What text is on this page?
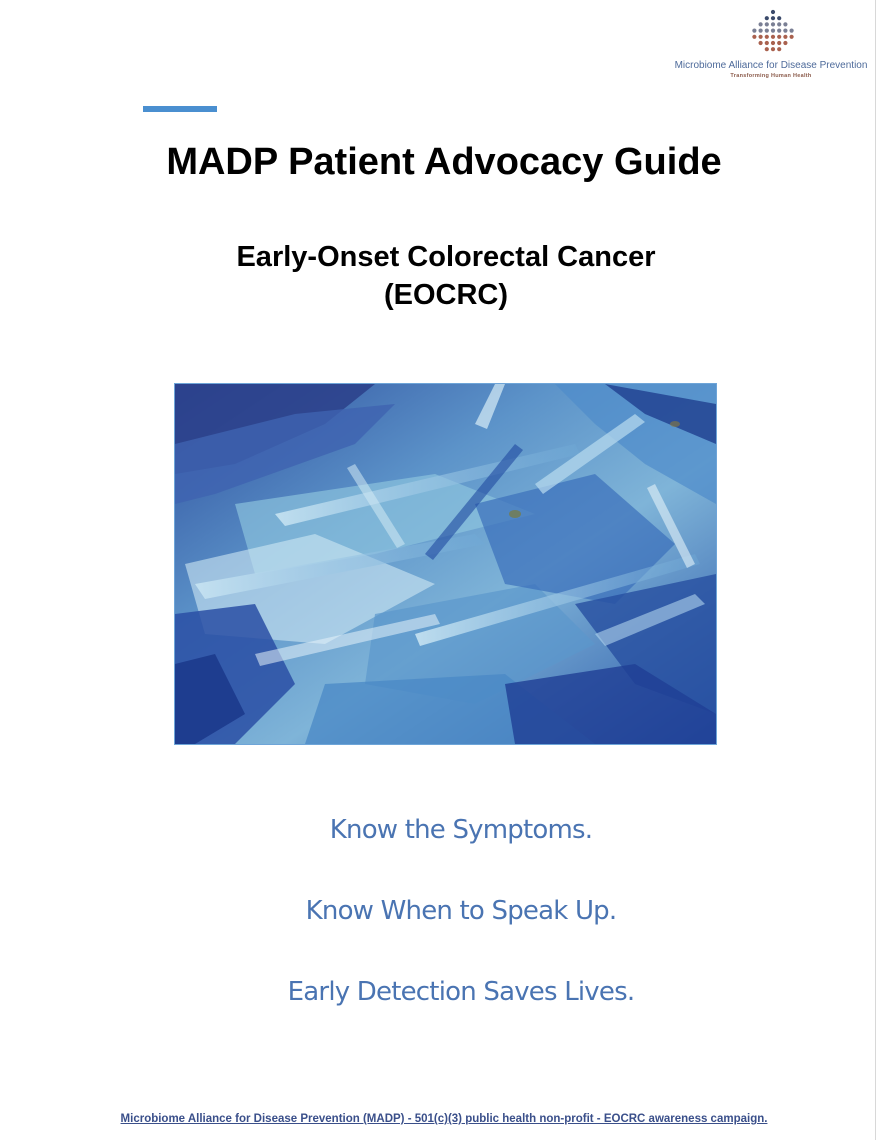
Microbiome Alliance for Disease Prevention
Transforming Human Health
MADP Patient Advocacy Guide
Early-Onset Colorectal Cancer
(EOCRC)
Know the Symptoms.
Know When to Speak Up.
Early Detection Saves Lives.
Microbiome Alliance for Disease Prevention (MADP) - 501(c)(3) public health non-profit - EOCRC awareness campaign.
